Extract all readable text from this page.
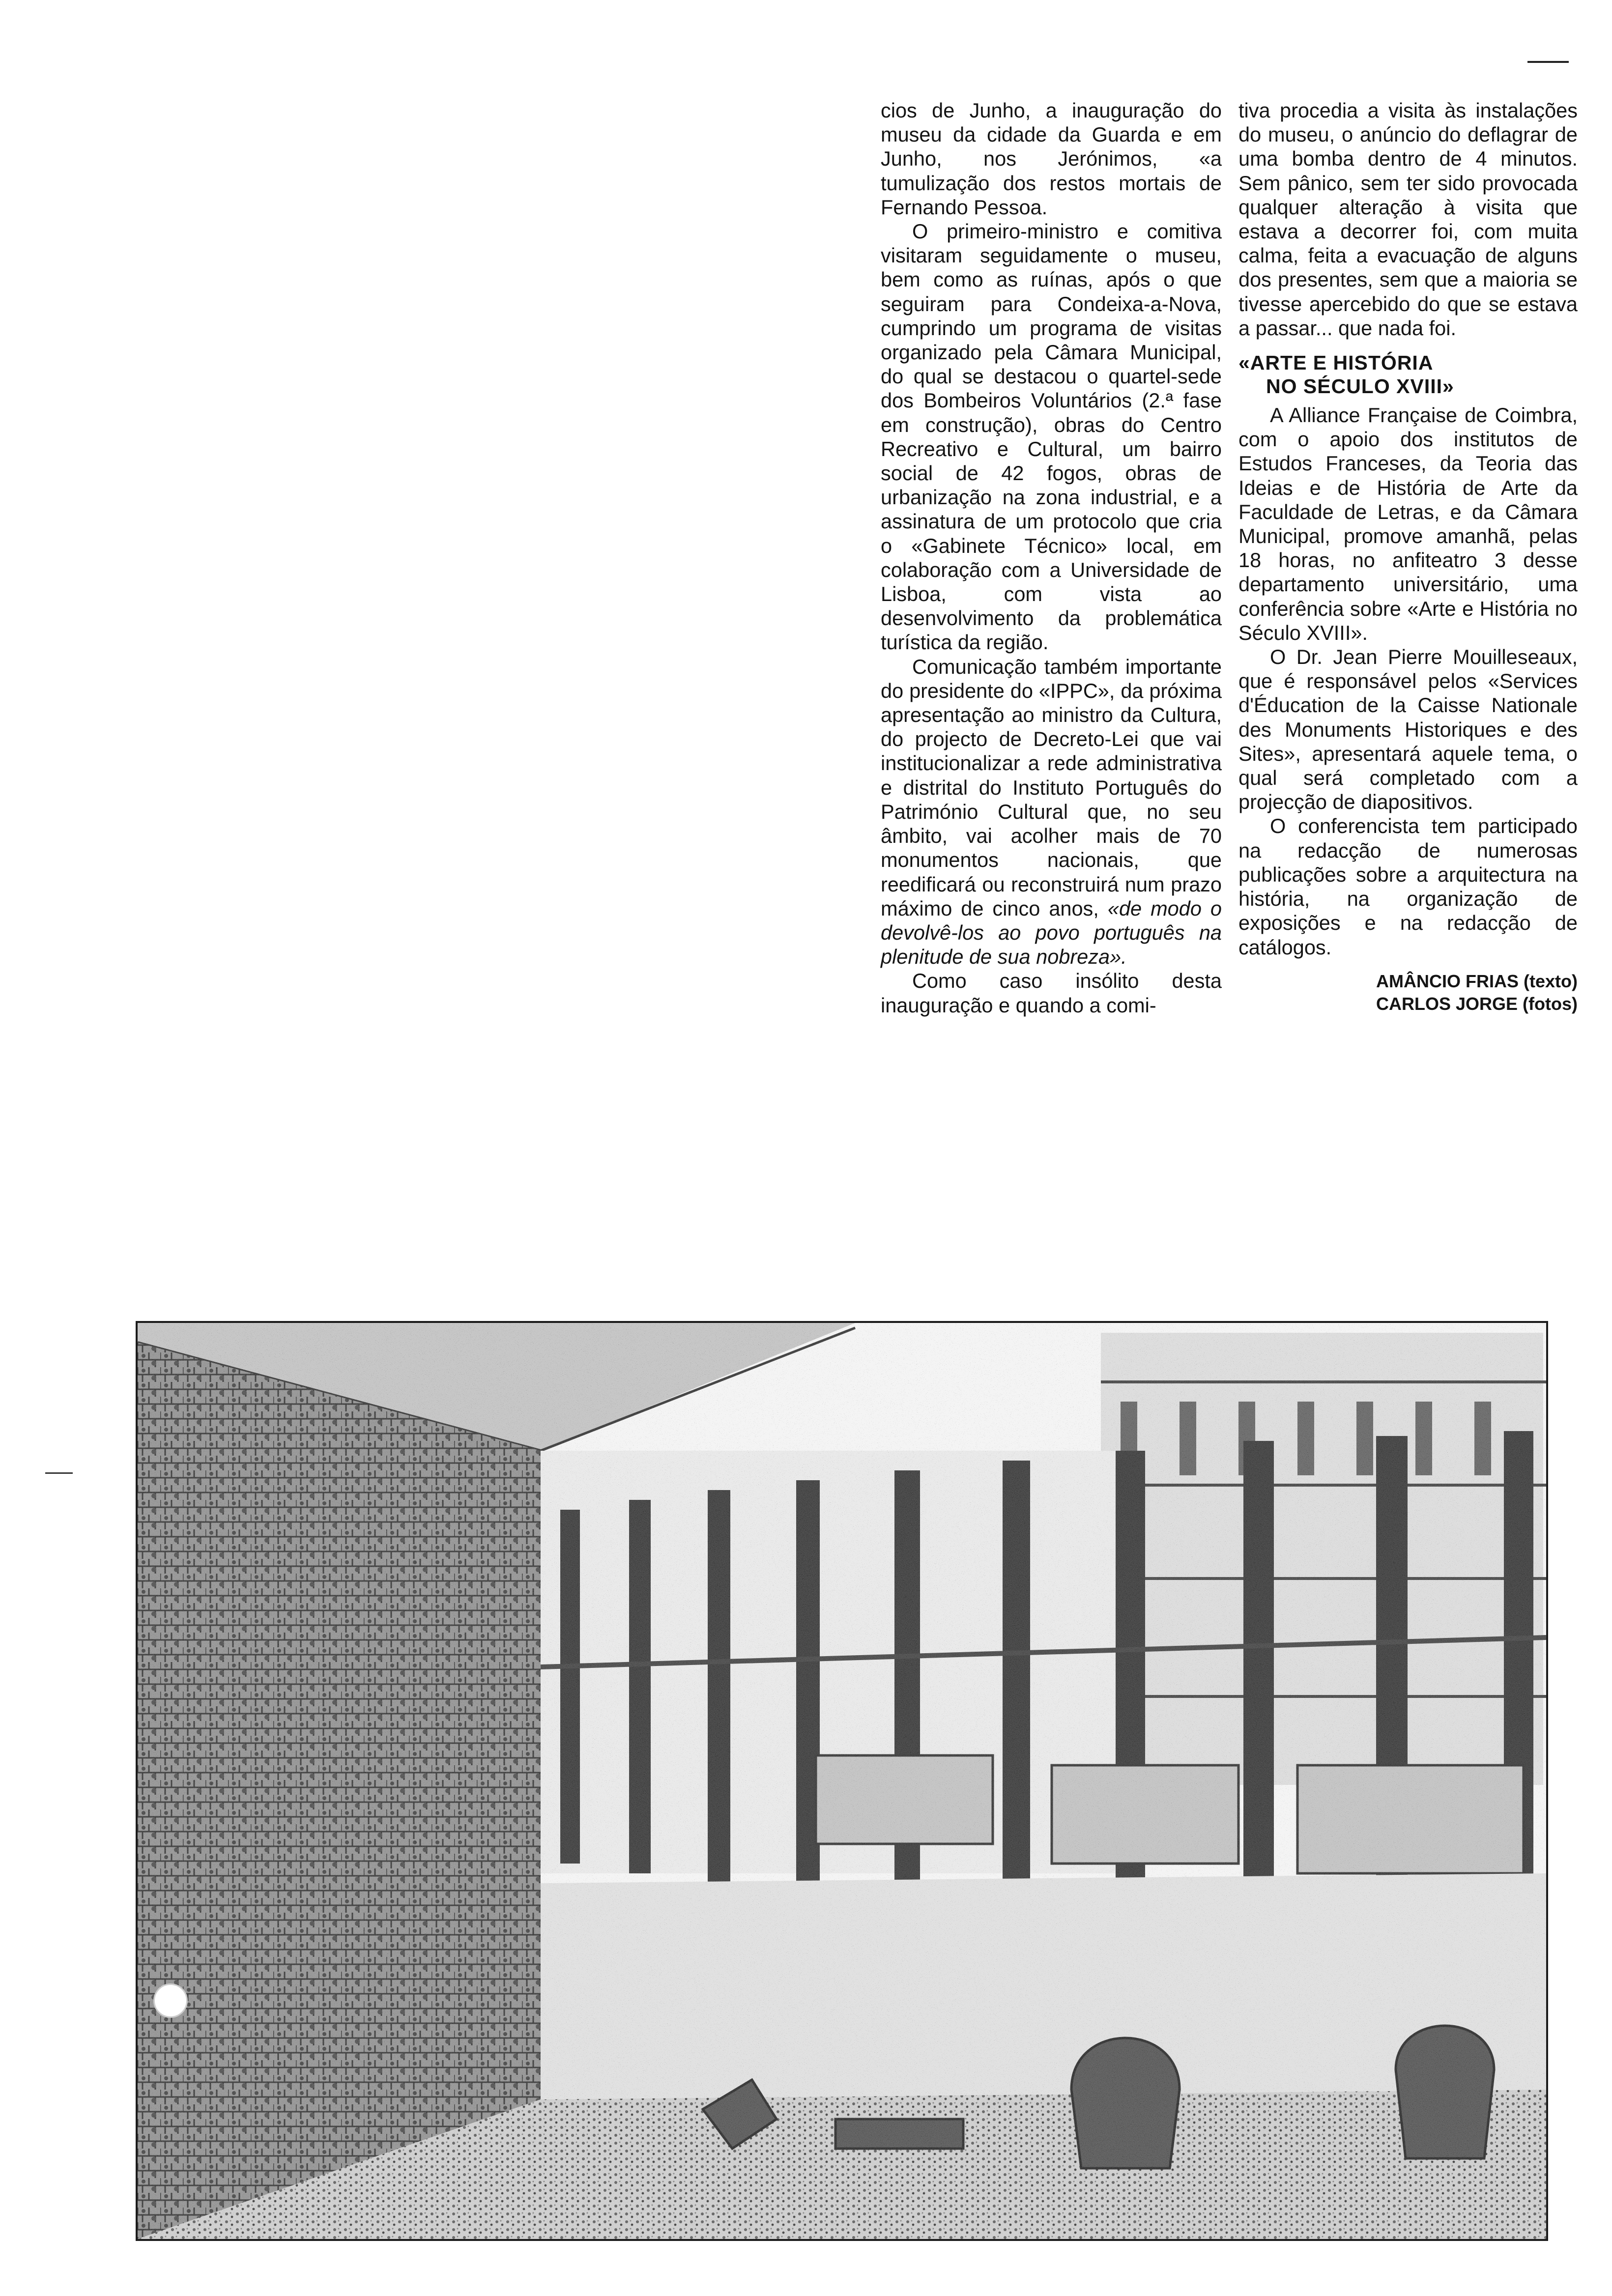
cios de Junho, a inauguração do museu da cidade da Guarda e em Junho, nos Jerónimos, «a tumulização dos restos mortais de Fernando Pessoa.

O primeiro-ministro e comitiva visitaram seguidamente o museu, bem como as ruínas, após o que seguiram para Condeixa-a-Nova, cumprindo um programa de visitas organizado pela Câmara Municipal, do qual se destacou o quartel-sede dos Bombeiros Voluntários (2.ª fase em construção), obras do Centro Recreativo e Cultural, um bairro social de 42 fogos, obras de urbanização na zona industrial, e a assinatura de um protocolo que cria o «Gabinete Técnico» local, em colaboração com a Universidade de Lisboa, com vista ao desenvolvimento da problemática turística da região.

Comunicação também importante do presidente do «IPPC», da próxima apresentação ao ministro da Cultura, do projecto de Decreto-Lei que vai institucionalizar a rede administrativa e distrital do Instituto Português do Património Cultural que, no seu âmbito, vai acolher mais de 70 monumentos nacionais, que reedificará ou reconstruirá num prazo máximo de cinco anos, «de modo o devolvê-los ao povo português na plenitude de sua nobreza».

Como caso insólito desta inauguração e quando a comi-

tiva procedia a visita às instalações do museu, o anúncio do deflagrar de uma bomba dentro de 4 minutos. Sem pânico, sem ter sido provocada qualquer alteração à visita que estava a decorrer foi, com muita calma, feita a evacuação de alguns dos presentes, sem que a maioria se tivesse apercebido do que se estava a passar... que nada foi.

«ARTE E HISTÓRIA
NO SÉCULO XVIII»

A Alliance Française de Coimbra, com o apoio dos institutos de Estudos Franceses, da Teoria das Ideias e de História de Arte da Faculdade de Letras, e da Câmara Municipal, promove amanhã, pelas 18 horas, no anfiteatro 3 desse departamento universitário, uma conferência sobre «Arte e História no Século XVIII».

O Dr. Jean Pierre Mouilleseaux, que é responsável pelos «Services d'Éducation de la Caisse Nationale des Monuments Historiques e des Sites», apresentará aquele tema, o qual será completado com a projecção de diapositivos.

O conferencista tem participado na redacção de numerosas publicações sobre a arquitectura na história, na organização de exposições e na redacção de catálogos.

AMÂNCIO FRIAS (texto)
CARLOS JORGE (fotos)
